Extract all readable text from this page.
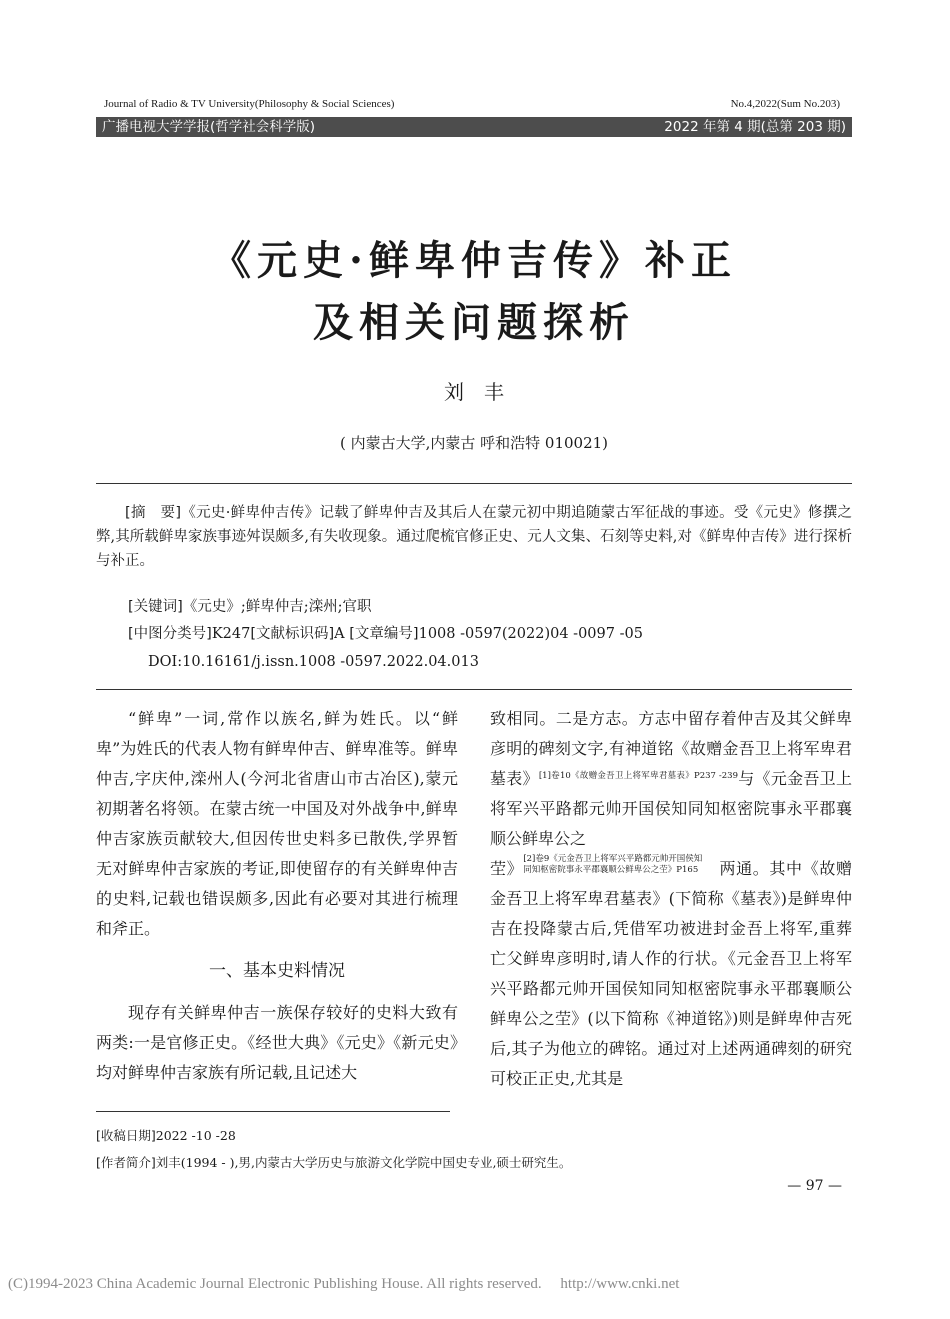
Journal of Radio & TV University(Philosophy & Social Sciences)	No.4,2022(Sum No.203)
广播电视大学学报(哲学社会科学版)	2022 年第 4 期(总第 203 期)
《元史·鲜卑仲吉传》补正
及相关问题探析
刘　丰
( 内蒙古大学,内蒙古 呼和浩特 010021)
[摘　要]《元史·鲜卑仲吉传》记载了鲜卑仲吉及其后人在蒙元初中期追随蒙古军征战的事迹。受《元史》修撰之弊,其所载鲜卑家族事迹舛误颇多,有失收现象。通过爬梳官修正史、元人文集、石刻等史料,对《鲜卑仲吉传》进行探析与补正。
[关键词]《元史》;鲜卑仲吉;滦州;官职
[中图分类号]K247[文献标识码]A [文章编号]1008 -0597(2022)04 -0097 -05
DOI:10.16161/j.issn.1008 -0597.2022.04.013

“鲜卑”一词,常作以族名,鲜为姓氏。以“鲜卑”为姓氏的代表人物有鲜卑仲吉、鲜卑准等。鲜卑仲吉,字庆仲,滦州人(今河北省唐山市古冶区),蒙元初期著名将领。在蒙古统一中国及对外战争中,鲜卑仲吉家族贡献较大,但因传世史料多已散佚,学界暂无对鲜卑仲吉家族的考证,即使留存的有关鲜卑仲吉的史料,记载也错误颇多,因此有必要对其进行梳理和斧正。

一、基本史料情况

现存有关鲜卑仲吉一族保存较好的史料大致有两类:一是官修正史。《经世大典》《元史》《新元史》均对鲜卑仲吉家族有所记载,且记述大

致相同。二是方志。方志中留存着仲吉及其父鲜卑彦明的碑刻文字,有神道铭《故赠金吾卫上将军卑君墓表》$^{[1]卷10《故赠金吾卫上将军卑君墓表》P237 -239}$与《元金吾卫上将军兴平路都元帅开国侯知同知枢密院事永平郡襄顺公鲜卑公之

茔》[2]卷9《元金吾卫上将军兴平路都元帅开国侯知
同知枢密院事永平郡襄顺公鲜卑公之茔》P165　 两通。其中《故赠金吾卫上将军卑君墓表》(下简称《墓表》)是鲜卑仲吉在投降蒙古后,凭借军功被进封金吾上将军,重葬亡父鲜卑彦明时,请人作的行状。《元金吾卫上将军兴平路都元帅开国侯知同知枢密院事永平郡襄顺公鲜卑公之茔》(以下简称《神道铭》)则是鲜卑仲吉死后,其子为他立的碑铭。通过对上述两通碑刻的研究可校正正史,尤其是

[收稿日期]2022 -10 -28
[作者简介]刘丰(1994 - ),男,内蒙古大学历史与旅游文化学院中国史专业,硕士研究生。
— 97 —
(C)1994-2023 China Academic Journal Electronic Publishing House. All rights reserved.　 http://www.cnki.net
